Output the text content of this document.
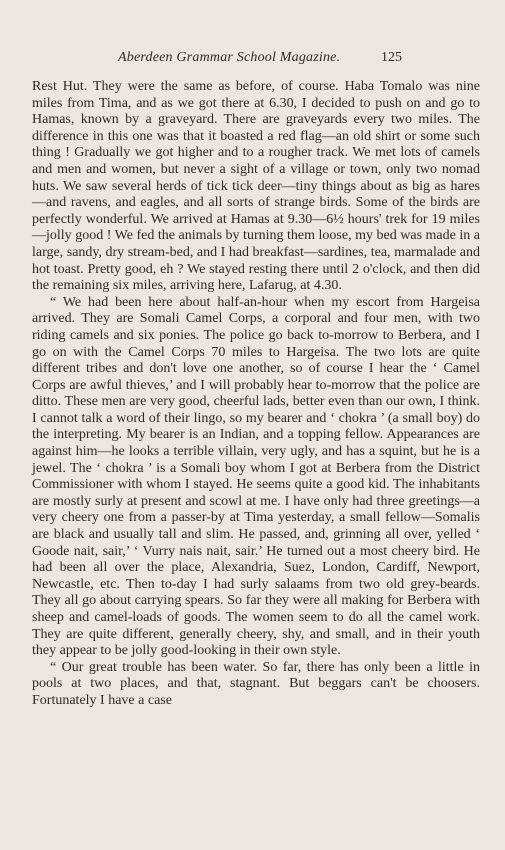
Aberdeen Grammar School Magazine.	125

Rest Hut. They were the same as before, of course. Haba Tomalo was nine miles from Tima, and as we got there at 6.30, I decided to push on and go to Hamas, known by a graveyard. There are graveyards every two miles. The difference in this one was that it boasted a red flag—an old shirt or some such thing ! Gradually we got higher and to a rougher track. We met lots of camels and men and women, but never a sight of a village or town, only two nomad huts. We saw several herds of tick tick deer—tiny things about as big as hares—and ravens, and eagles, and all sorts of strange birds. Some of the birds are perfectly wonderful. We arrived at Hamas at 9.30—6½ hours' trek for 19 miles—jolly good ! We fed the animals by turning them loose, my bed was made in a large, sandy, dry stream-bed, and I had breakfast—sardines, tea, marmalade and hot toast. Pretty good, eh ? We stayed resting there until 2 o'clock, and then did the remaining six miles, arriving here, Lafarug, at 4.30.

“ We had been here about half-an-hour when my escort from Hargeisa arrived. They are Somali Camel Corps, a corporal and four men, with two riding camels and six ponies. The police go back to-morrow to Berbera, and I go on with the Camel Corps 70 miles to Hargeisa. The two lots are quite different tribes and don't love one another, so of course I hear the ‘ Camel Corps are awful thieves,’ and I will probably hear to-morrow that the police are ditto. These men are very good, cheerful lads, better even than our own, I think. I cannot talk a word of their lingo, so my bearer and ‘ chokra ’ (a small boy) do the interpreting. My bearer is an Indian, and a topping fellow. Appearances are against him—he looks a terrible villain, very ugly, and has a squint, but he is a jewel. The ‘ chokra ’ is a Somali boy whom I got at Berbera from the District Commissioner with whom I stayed. He seems quite a good kid. The inhabitants are mostly surly at present and scowl at me. I have only had three greetings—a very cheery one from a passer-by at Tima yesterday, a small fellow—Somalis are black and usually tall and slim. He passed, and, grinning all over, yelled ‘ Goode nait, sair,’ ‘ Vurry nais nait, sair.’ He turned out a most cheery bird. He had been all over the place, Alexandria, Suez, London, Cardiff, Newport, Newcastle, etc. Then to-day I had surly salaams from two old grey-beards. They all go about carrying spears. So far they were all making for Berbera with sheep and camel-loads of goods. The women seem to do all the camel work. They are quite different, generally cheery, shy, and small, and in their youth they appear to be jolly good-looking in their own style.

“ Our great trouble has been water. So far, there has only been a little in pools at two places, and that, stagnant. But beggars can't be choosers. Fortunately I have a case
